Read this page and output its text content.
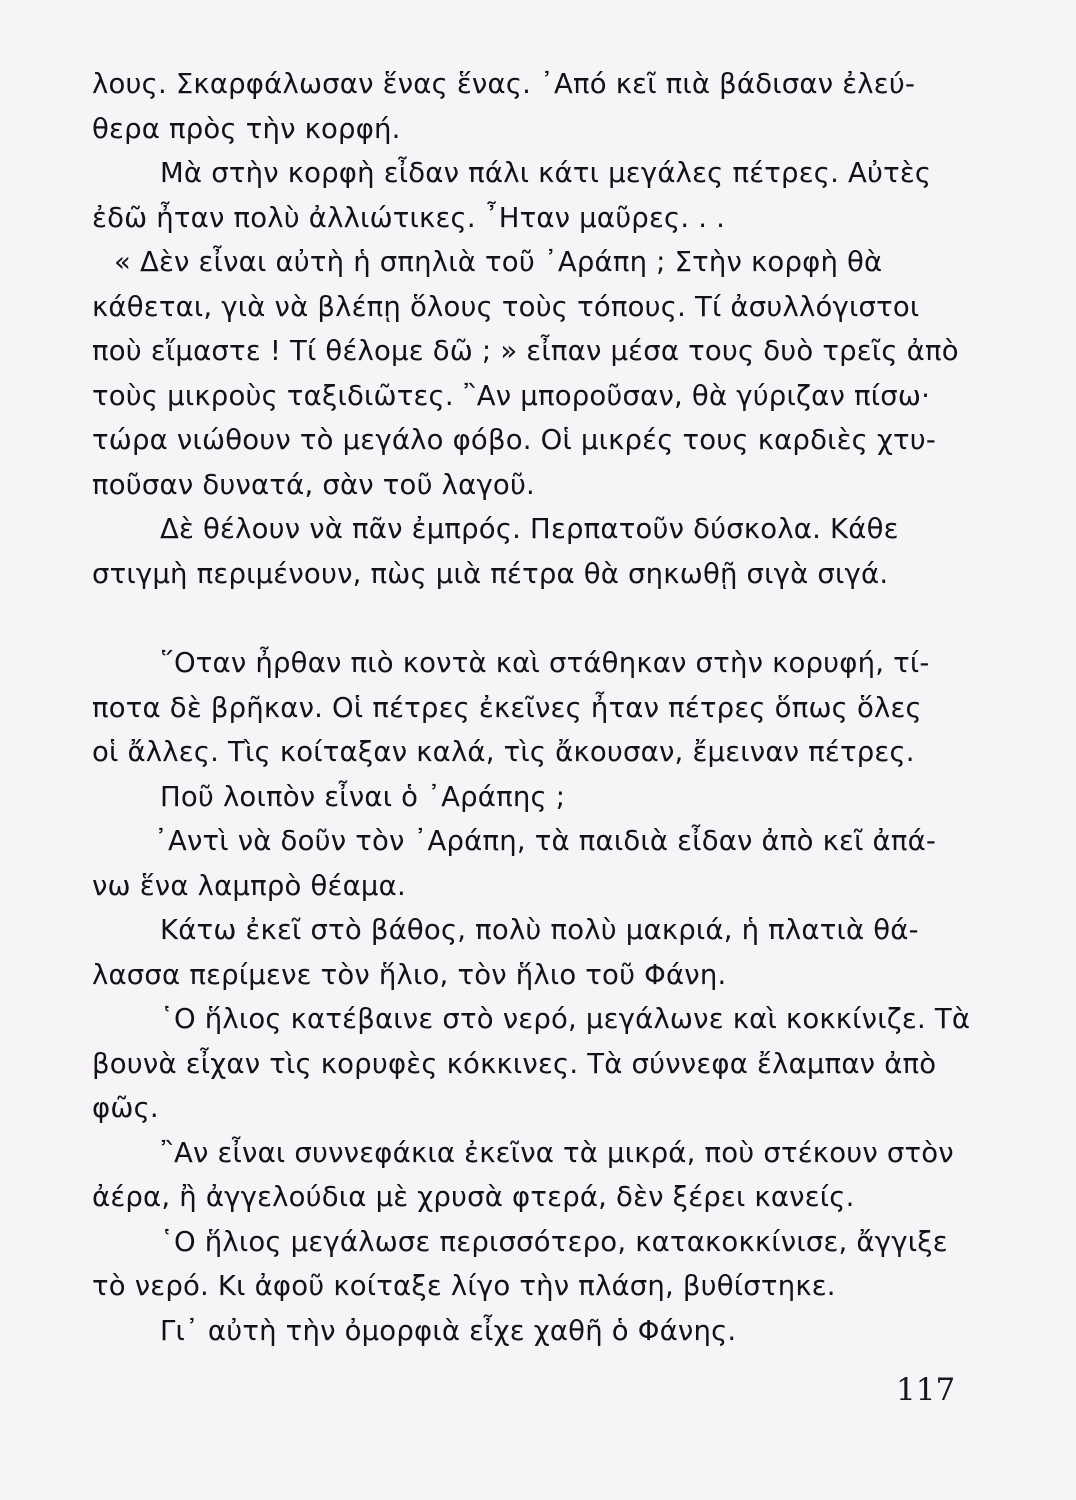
λους. Σκαρφάλωσαν ἕνας ἕνας. ᾿Από κεῖ πιὰ βάδισαν ἐλεύ-
θερα πρὸς τὴν κορφή.
Μὰ στὴν κορφὴ εἶδαν πάλι κάτι μεγάλες πέτρες. Αὐτὲς
ἐδῶ ἦταν πολὺ ἀλλιώτικες. ῏Ηταν μαῦρες. . .
« Δὲν εἶναι αὐτὴ ἡ σπηλιὰ τοῦ ᾿Αράπη ; Στὴν κορφὴ θὰ
κάθεται, γιὰ νὰ βλέπῃ ὅλους τοὺς τόπους. Τί ἀσυλλόγιστοι
ποὺ εἴμαστε ! Τί θέλομε δῶ ; » εἶπαν μέσα τους δυὸ τρεῖς ἀπὸ
τοὺς μικροὺς ταξιδιῶτες. ῍Αν μποροῦσαν, θὰ γύριζαν πίσω·
τώρα νιώθουν τὸ μεγάλο φόβο. Οἱ μικρές τους καρδιὲς χτυ-
ποῦσαν δυνατά, σὰν τοῦ λαγοῦ.
Δὲ θέλουν νὰ πᾶν ἐμπρός. Περπατοῦν δύσκολα. Κάθε
στιγμὴ περιμένουν, πὼς μιὰ πέτρα θὰ σηκωθῇ σιγὰ σιγά.
῞Οταν ἦρθαν πιὸ κοντὰ καὶ στάθηκαν στὴν κορυφή, τί-
ποτα δὲ βρῆκαν. Οἱ πέτρες ἐκεῖνες ἦταν πέτρες ὅπως ὅλες
οἱ ἄλλες. Τὶς κοίταξαν καλά, τὶς ἄκουσαν, ἔμειναν πέτρες.
Ποῦ λοιπὸν εἶναι ὁ ᾿Αράπης ;
᾿Αντὶ νὰ δοῦν τὸν ᾿Αράπη, τὰ παιδιὰ εἶδαν ἀπὸ κεῖ ἀπά-
νω ἕνα λαμπρὸ θέαμα.
Κάτω ἐκεῖ στὸ βάθος, πολὺ πολὺ μακριά, ἡ πλατιὰ θά-
λασσα περίμενε τὸν ἥλιο, τὸν ἥλιο τοῦ Φάνη.
῾Ο ἥλιος κατέβαινε στὸ νερό, μεγάλωνε καὶ κοκκίνιζε. Τὰ
βουνὰ εἶχαν τὶς κορυφὲς κόκκινες. Τὰ σύννεφα ἔλαμπαν ἀπὸ
φῶς.
῍Αν εἶναι συννεφάκια ἐκεῖνα τὰ μικρά, ποὺ στέκουν στὸν
ἀέρα, ἢ ἀγγελούδια μὲ χρυσὰ φτερά, δὲν ξέρει κανείς.
῾Ο ἥλιος μεγάλωσε περισσότερο, κατακοκκίνισε, ἄγγιξε
τὸ νερό. Κι ἀφοῦ κοίταξε λίγο τὴν πλάση, βυθίστηκε.
Γι᾿ αὐτὴ τὴν ὀμορφιὰ εἶχε χαθῆ ὁ Φάνης.
117
